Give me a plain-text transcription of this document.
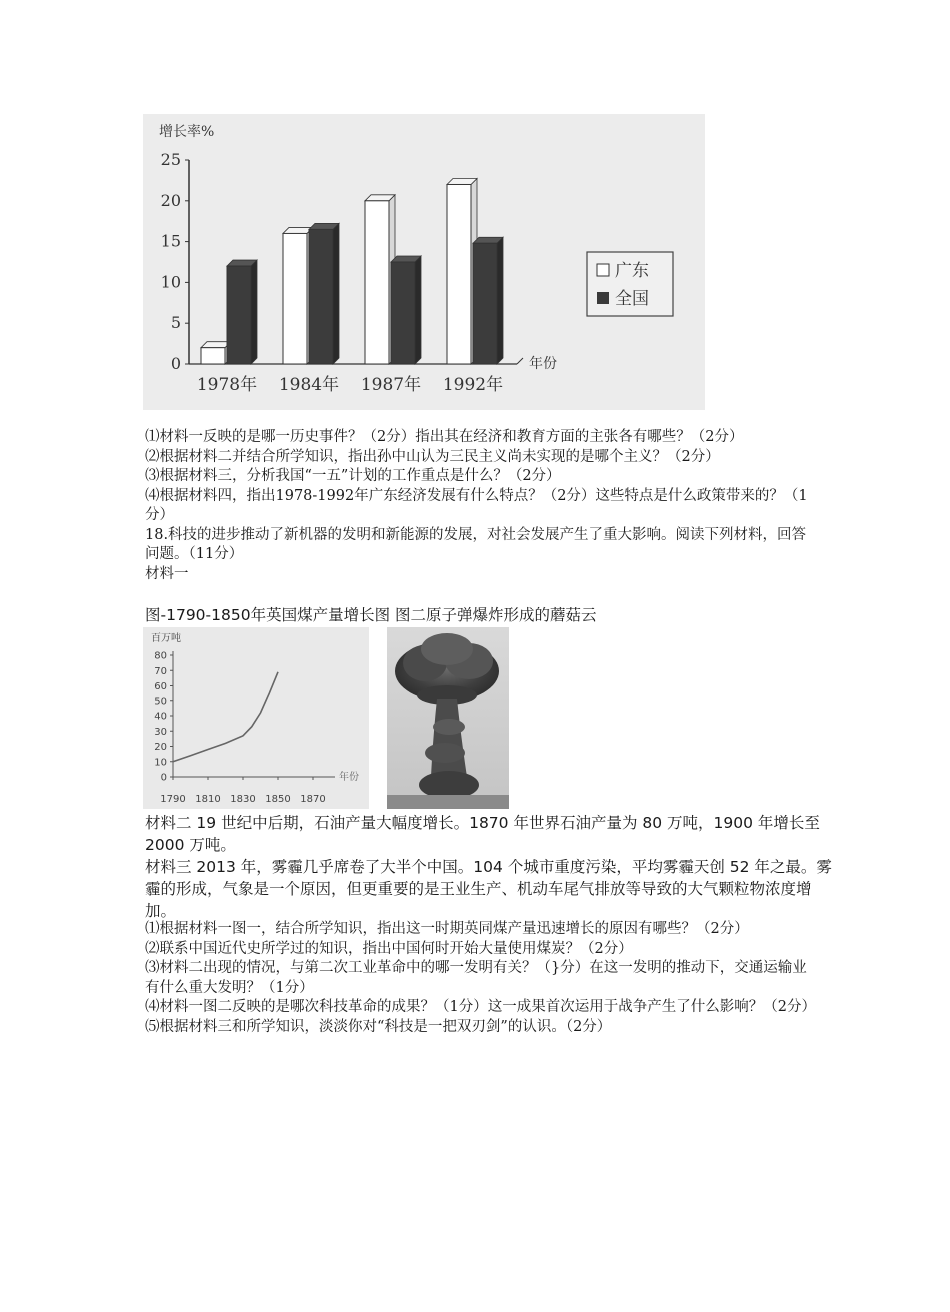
增长率%
年份
0
5
10
15
20
25
1978年 1984年 1987年 1992年
广东
全国

⑴材料一反映的是哪一历史事件？（2分）指出其在经济和教育方面的主张各有哪些？（2分）

⑵根据材料二并结合所学知识，指出孙中山认为三民主义尚未实现的是哪个主义？（2分）

⑶根据材料三，分析我国“一五”计划的工作重点是什么？（2分）

⑷根据材料四，指出1978-1992年广东经济发展有什么特点？（2分）这些特点是什么政策带来的？（1分）

18.科技的进步推动了新机器的发明和新能源的发展，对社会发展产生了重大影响。阅读下列材料，回答问题。（11分）

材料一

图-1790-1850年英国煤产量增长图 图二原子弹爆炸形成的蘑菇云
百万吨
年份
0
10
20
30
40
50
60
70
80
1790 1810 1830 1850 1870

材料二 19 世纪中后期，石油产量大幅度增长。1870 年世界石油产量为 80 万吨，1900 年增长至 2000 万吨。

材料三 2013 年，雾霾几乎席卷了大半个中国。104 个城市重度污染，平均雾霾天创 52 年之最。雾霾的形成，气象是一个原因，但更重要的是王业生产、机动车尾气排放等导致的大气颗粒物浓度增加。

⑴根据材料一图一，结合所学知识，指出这一时期英同煤产量迅速增长的原因有哪些？（2分）

⑵联系中国近代史所学过的知识，指出中国何时开始大量使用煤炭？（2分）

⑶材料二出现的情况，与第二次工业革命中的哪一发明有关？（}分）在这一发明的推动下，交通运输业有什么重大发明？（1分）

⑷材料一图二反映的是哪次科技革命的成果？（1分）这一成果首次运用于战争产生了什么影响？（2分）

⑸根据材料三和所学知识，淡淡你对“科技是一把双刃剑”的认识。（2分）
